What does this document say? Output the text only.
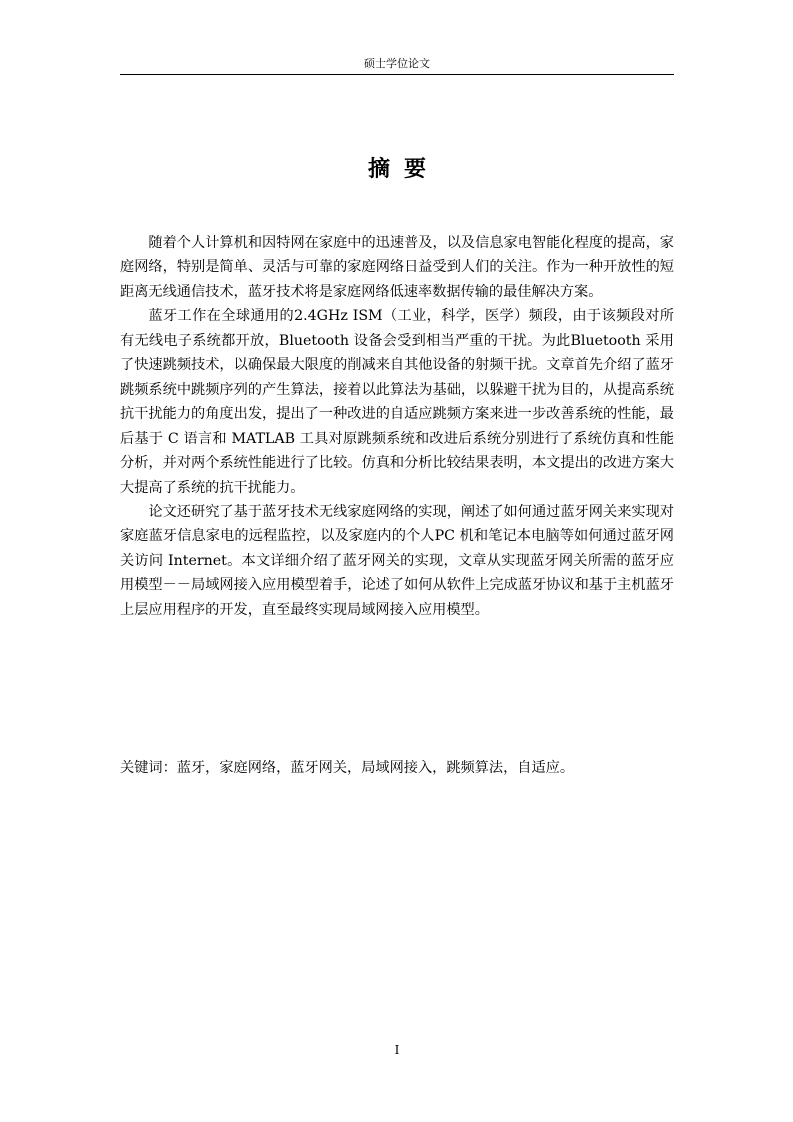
硕士学位论文
摘要

随着个人计算机和因特网在家庭中的迅速普及，以及信息家电智能化程度的提高，家庭网络，特别是简单、灵活与可靠的家庭网络日益受到人们的关注。作为一种开放性的短距离无线通信技术，蓝牙技术将是家庭网络低速率数据传输的最佳解决方案。

蓝牙工作在全球通用的2.4GHz ISM（工业，科学，医学）频段，由于该频段对所有无线电子系统都开放，Bluetooth 设备会受到相当严重的干扰。为此Bluetooth 采用了快速跳频技术，以确保最大限度的削减来自其他设备的射频干扰。文章首先介绍了蓝牙跳频系统中跳频序列的产生算法，接着以此算法为基础，以躲避干扰为目的，从提高系统抗干扰能力的角度出发，提出了一种改进的自适应跳频方案来进一步改善系统的性能，最后基于 C 语言和 MATLAB 工具对原跳频系统和改进后系统分别进行了系统仿真和性能分析，并对两个系统性能进行了比较。仿真和分析比较结果表明，本文提出的改进方案大大提高了系统的抗干扰能力。

论文还研究了基于蓝牙技术无线家庭网络的实现，阐述了如何通过蓝牙网关来实现对家庭蓝牙信息家电的远程监控，以及家庭内的个人PC 机和笔记本电脑等如何通过蓝牙网关访问 Internet。本文详细介绍了蓝牙网关的实现，文章从实现蓝牙网关所需的蓝牙应用模型－－局域网接入应用模型着手，论述了如何从软件上完成蓝牙协议和基于主机蓝牙上层应用程序的开发，直至最终实现局域网接入应用模型。

关键词：蓝牙，家庭网络，蓝牙网关，局域网接入，跳频算法，自适应。
I
